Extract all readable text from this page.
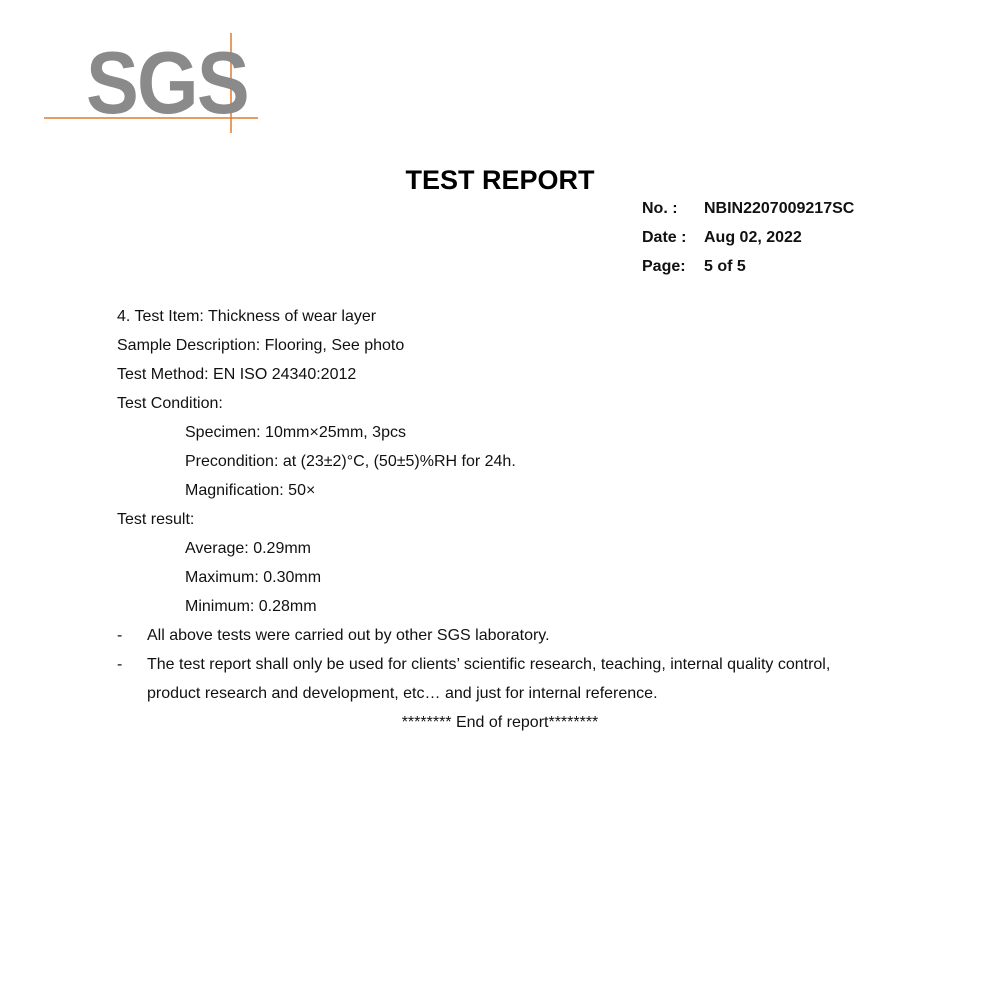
SGS
TEST REPORT
No. :	NBIN2207009217SC
Date :	Aug 02, 2022
Page:	5 of 5
4. Test Item: Thickness of wear layer
Sample Description: Flooring, See photo
Test Method: EN ISO 24340:2012
Test Condition:
Specimen: 10mm×25mm, 3pcs
Precondition: at (23±2)°C, (50±5)%RH for 24h.
Magnification: 50×
Test result:
Average: 0.29mm
Maximum: 0.30mm
Minimum: 0.28mm
-	All above tests were carried out by other SGS laboratory.
-	The test report shall only be used for clients’ scientific research, teaching, internal quality control, product research and development, etc… and just for internal reference.
******** End of report********
